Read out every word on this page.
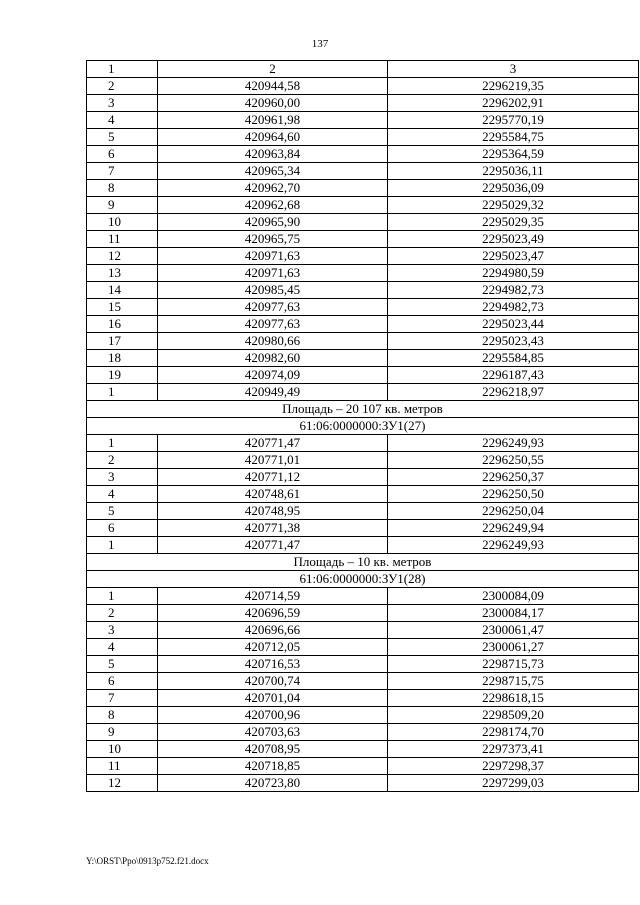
137
1	2	3
2	420944,58	2296219,35
3	420960,00	2296202,91
4	420961,98	2295770,19
5	420964,60	2295584,75
6	420963,84	2295364,59
7	420965,34	2295036,11
8	420962,70	2295036,09
9	420962,68	2295029,32
10	420965,90	2295029,35
11	420965,75	2295023,49
12	420971,63	2295023,47
13	420971,63	2294980,59
14	420985,45	2294982,73
15	420977,63	2294982,73
16	420977,63	2295023,44
17	420980,66	2295023,43
18	420982,60	2295584,85
19	420974,09	2296187,43
1	420949,49	2296218,97
Площадь – 20 107 кв. метров		
61:06:0000000:ЗУ1(27)		
1	420771,47	2296249,93
2	420771,01	2296250,55
3	420771,12	2296250,37
4	420748,61	2296250,50
5	420748,95	2296250,04
6	420771,38	2296249,94
1	420771,47	2296249,93
Площадь – 10 кв. метров		
61:06:0000000:ЗУ1(28)		
1	420714,59	2300084,09
2	420696,59	2300084,17
3	420696,66	2300061,47
4	420712,05	2300061,27
5	420716,53	2298715,73
6	420700,74	2298715,75
7	420701,04	2298618,15
8	420700,96	2298509,20
9	420703,63	2298174,70
10	420708,95	2297373,41
11	420718,85	2297298,37
12	420723,80	2297299,03
Y:\ORST\Ppo\0913p752.f21.docx
